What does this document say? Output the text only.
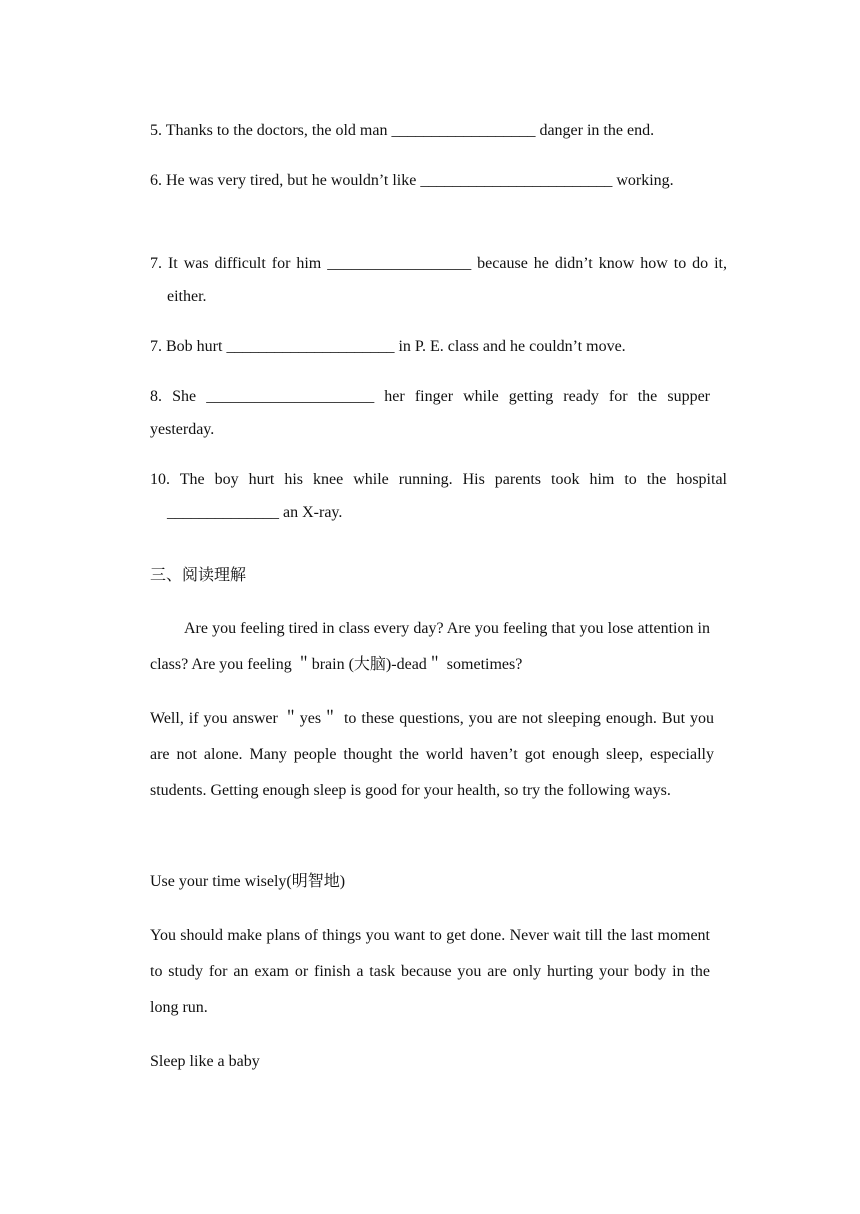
5. Thanks to the doctors, the old man __________________ danger in the end.

6. He was very tired, but he wouldn’t like ________________________ working.

7. It was difficult for him __________________ because he didn’t know how to do it, either.

7. Bob hurt _____________________ in P. E. class and he couldn’t move.

8. She _____________________ her finger while getting ready for the supper yesterday.

10. The boy hurt his knee while running. His parents took him to the hospital ______________ an X-ray.

三、阅读理解

Are you feeling tired in class every day? Are you feeling that you lose attention in class? Are you feeling ＂brain (大脑)-dead＂ sometimes?

Well, if you answer ＂yes＂ to these questions, you are not sleeping enough. But you are not alone. Many people thought the world haven’t got enough sleep, especially students. Getting enough sleep is good for your health, so try the following ways.

Use your time wisely(明智地)

You should make plans of things you want to get done. Never wait till the last moment to study for an exam or finish a task because you are only hurting your body in the long run.

Sleep like a baby
